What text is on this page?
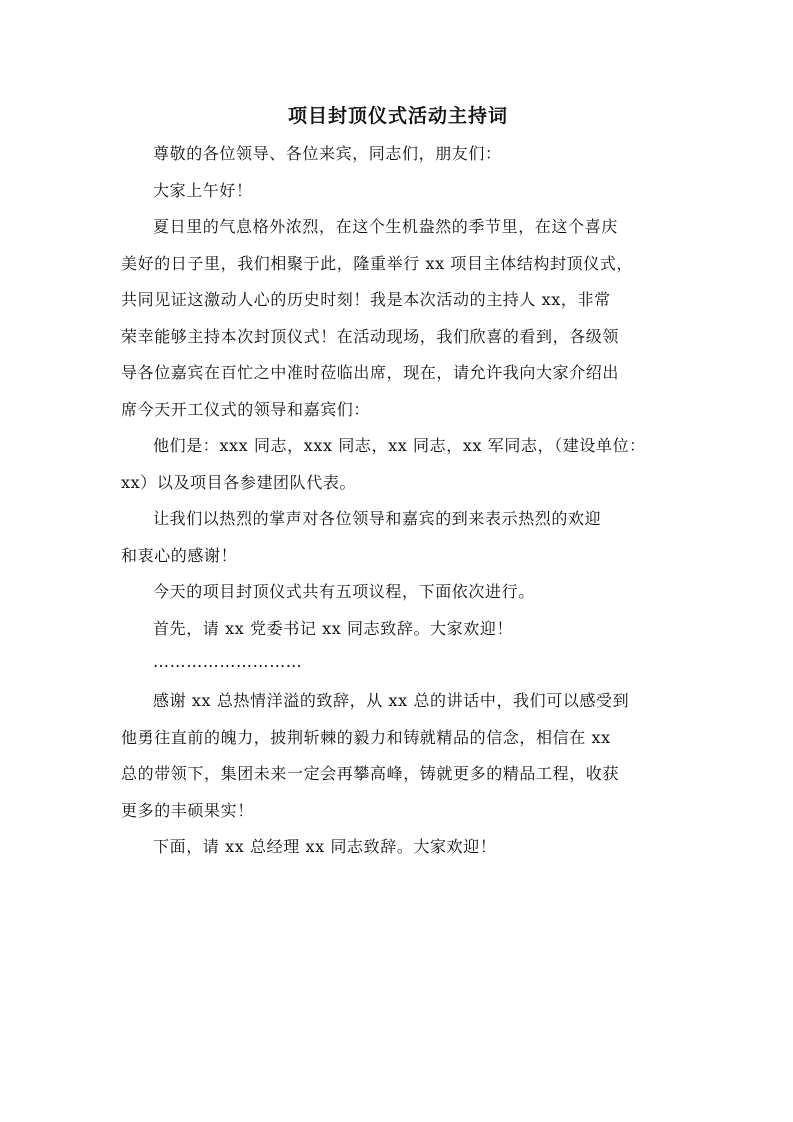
项目封顶仪式活动主持词

尊敬的各位领导、各位来宾，同志们，朋友们：

大家上午好！

夏日里的气息格外浓烈，在这个生机盎然的季节里，在这个喜庆
美好的日子里，我们相聚于此，隆重举行 xx 项目主体结构封顶仪式，
共同见证这激动人心的历史时刻！我是本次活动的主持人 xx，非常
荣幸能够主持本次封顶仪式！在活动现场，我们欣喜的看到，各级领
导各位嘉宾在百忙之中准时莅临出席，现在，请允许我向大家介绍出
席今天开工仪式的领导和嘉宾们：

他们是：xxx 同志，xxx 同志，xx 同志，xx 军同志，（建设单位：
xx）以及项目各参建团队代表。

让我们以热烈的掌声对各位领导和嘉宾的到来表示热烈的欢迎
和衷心的感谢！

今天的项目封顶仪式共有五项议程，下面依次进行。

首先，请 xx 党委书记 xx 同志致辞。大家欢迎！

………………………

感谢 xx 总热情洋溢的致辞，从 xx 总的讲话中，我们可以感受到
他勇往直前的魄力，披荆斩棘的毅力和铸就精品的信念，相信在 xx
总的带领下，集团未来一定会再攀高峰，铸就更多的精品工程，收获
更多的丰硕果实！

下面，请 xx 总经理 xx 同志致辞。大家欢迎！
